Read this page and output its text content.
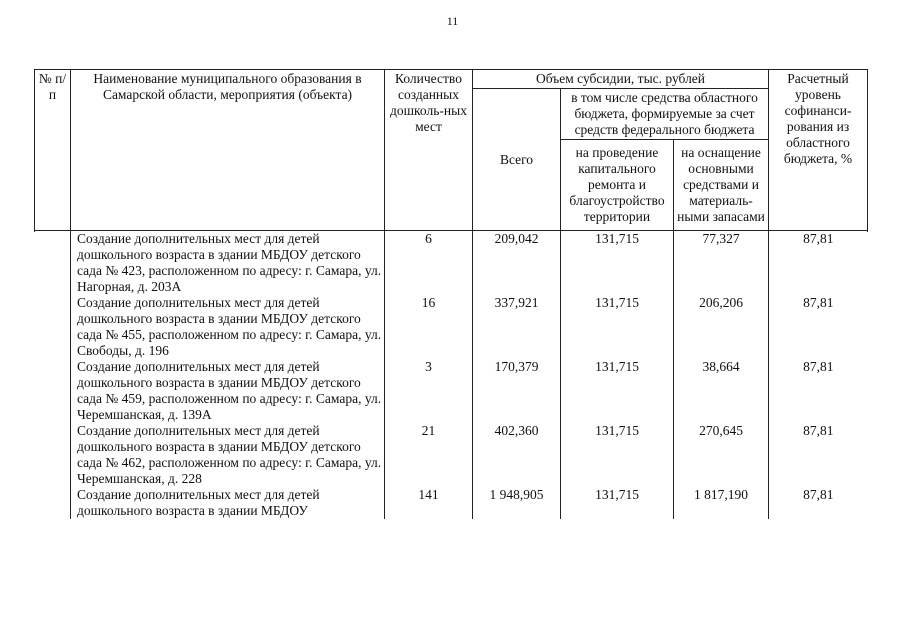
11
№ п/п	Наименование муниципального образования в Самарской области, мероприятия (объекта)	Количество созданных дошколь-ных мест	Объем субсидии, тыс. рублей			Расчетный уровень софинанси-рования из областного бюджета, %
			Всего	в том числе средства областного бюджета, формируемые за счет средств федерального бюджета		
				на проведение капитального ремонта и благоустройство территории	на оснащение основными средствами и материаль-ными запасами	

	Создание дополнительных мест для детей дошкольного возраста в здании МБДОУ детского сада № 423, расположенном по адресу: г. Самара, ул. Нагорная, д. 203А	6	209,042	131,715	77,327	87,81
	Создание дополнительных мест для детей дошкольного возраста в здании МБДОУ детского сада № 455, расположенном по адресу: г. Самара, ул. Свободы, д. 196	16	337,921	131,715	206,206	87,81
	Создание дополнительных мест для детей дошкольного возраста в здании МБДОУ детского сада № 459, расположенном по адресу: г. Самара, ул. Черемшанская, д. 139А	3	170,379	131,715	38,664	87,81
	Создание дополнительных мест для детей дошкольного возраста в здании МБДОУ детского сада № 462, расположенном по адресу: г. Самара, ул. Черемшанская, д. 228	21	402,360	131,715	270,645	87,81
	Создание дополнительных мест для детей дошкольного возраста в здании МБДОУ	141	1 948,905	131,715	1 817,190	87,81
